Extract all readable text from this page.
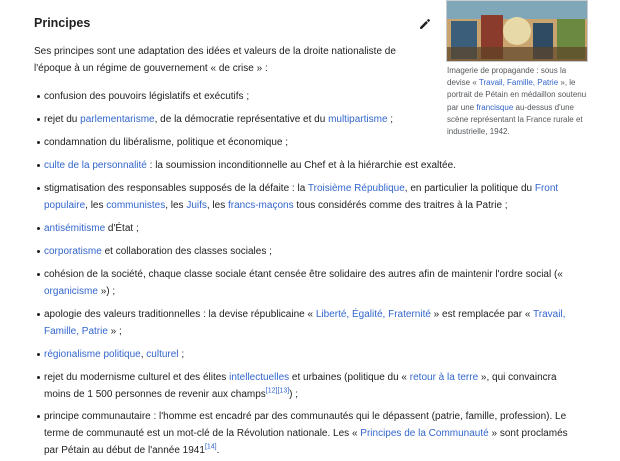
Principes

Ses principes sont une adaptation des idées et valeurs de la droite nationaliste de l'époque à un régime de gouvernement « de crise » :	Imagerie de propagande : sous la devise « Travail, Famille, Patrie », le portrait de Pétain en médaillon soutenu par une francisque au-dessus d'une scène représentant la France rurale et industrielle, 1942.

confusion des pouvoirs législatifs et exécutifs ;
rejet du parlementarisme, de la démocratie représentative et du multipartisme ;
condamnation du libéralisme, politique et économique ;
culte de la personnalité : la soumission inconditionnelle au Chef et à la hiérarchie est exaltée.
stigmatisation des responsables supposés de la défaite : la Troisième République, en particulier la politique du Front populaire, les communistes, les Juifs, les francs-maçons tous considérés comme des traitres à la Patrie ;
antisémitisme d'État ;
corporatisme et collaboration des classes sociales ;
cohésion de la société, chaque classe sociale étant censée être solidaire des autres afin de maintenir l'ordre social (« organicisme ») ;
apologie des valeurs traditionnelles : la devise républicaine « Liberté, Égalité, Fraternité » est remplacée par « Travail, Famille, Patrie » ;
régionalisme politique, culturel ;
rejet du modernisme culturel et des élites intellectuelles et urbaines (politique du « retour à la terre », qui convaincra moins de 1 500 personnes de revenir aux champs[12][13]) ;
principe communautaire : l'homme est encadré par des communautés qui le dépassent (patrie, famille, profession). Le terme de communauté est un mot-clé de la Révolution nationale. Les « Principes de la Communauté » sont proclamés par Pétain au début de l'année 1941[14].
